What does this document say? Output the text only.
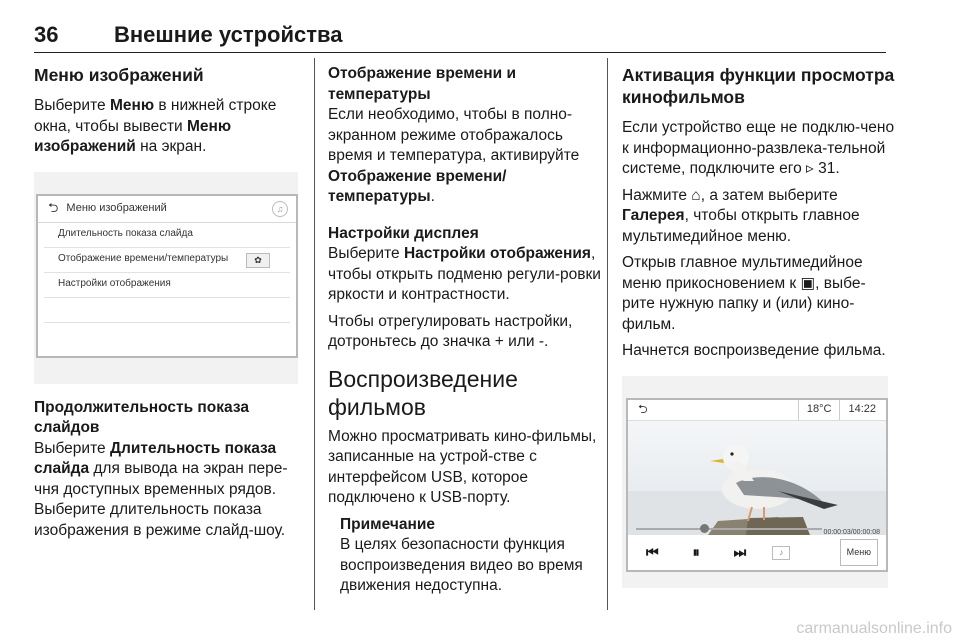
36	Внешние устройства
Меню изображений

Выберите Меню в нижней строке окна, чтобы вывести Меню изображений на экран.

⮌ Меню изображений	♫
Длительность показа слайда
Отображение времени/температуры	✿
Настройки отображения
Продолжительность показа слайдов

Выберите Длительность показа слайда для вывода на экран пере-чня доступных временных рядов. Выберите длительность показа изображения в режиме слайд-шоу.

Отображение времени и температуры

Если необходимо, чтобы в полно-экранном режиме отображалось время и температура, активируйте Отображение времени/ температуры.

Настройки дисплея

Выберите Настройки отображения, чтобы открыть подменю регули-ровки яркости и контрастности.

Чтобы отрегулировать настройки, дотроньтесь до значка + или -.

Воспроизведение фильмов

Можно просматривать кино-фильмы, записанные на устрой-стве с интерфейсом USB, которое подключено к USB-порту.

Примечание
В целях безопасности функция воспроизведения видео во время движения недоступна.
Активация функции просмотра кинофильмов

Если устройство еще не подклю-чено к информационно-развлека-тельной системе, подключите его ▹ 31.

Нажмите ⌂, а затем выберите Галерея, чтобы открыть главное мультимедийное меню.

Открыв главное мультимедийное меню прикосновением к ▣, выбе-рите нужную папку и (или) кино-фильм.

Начнется воспроизведение фильма.

⮌	18°C	14:22
00:00:03/00:00:08
⏮ ⏸ ⏭	♪	Меню
carmanualsonline.info
